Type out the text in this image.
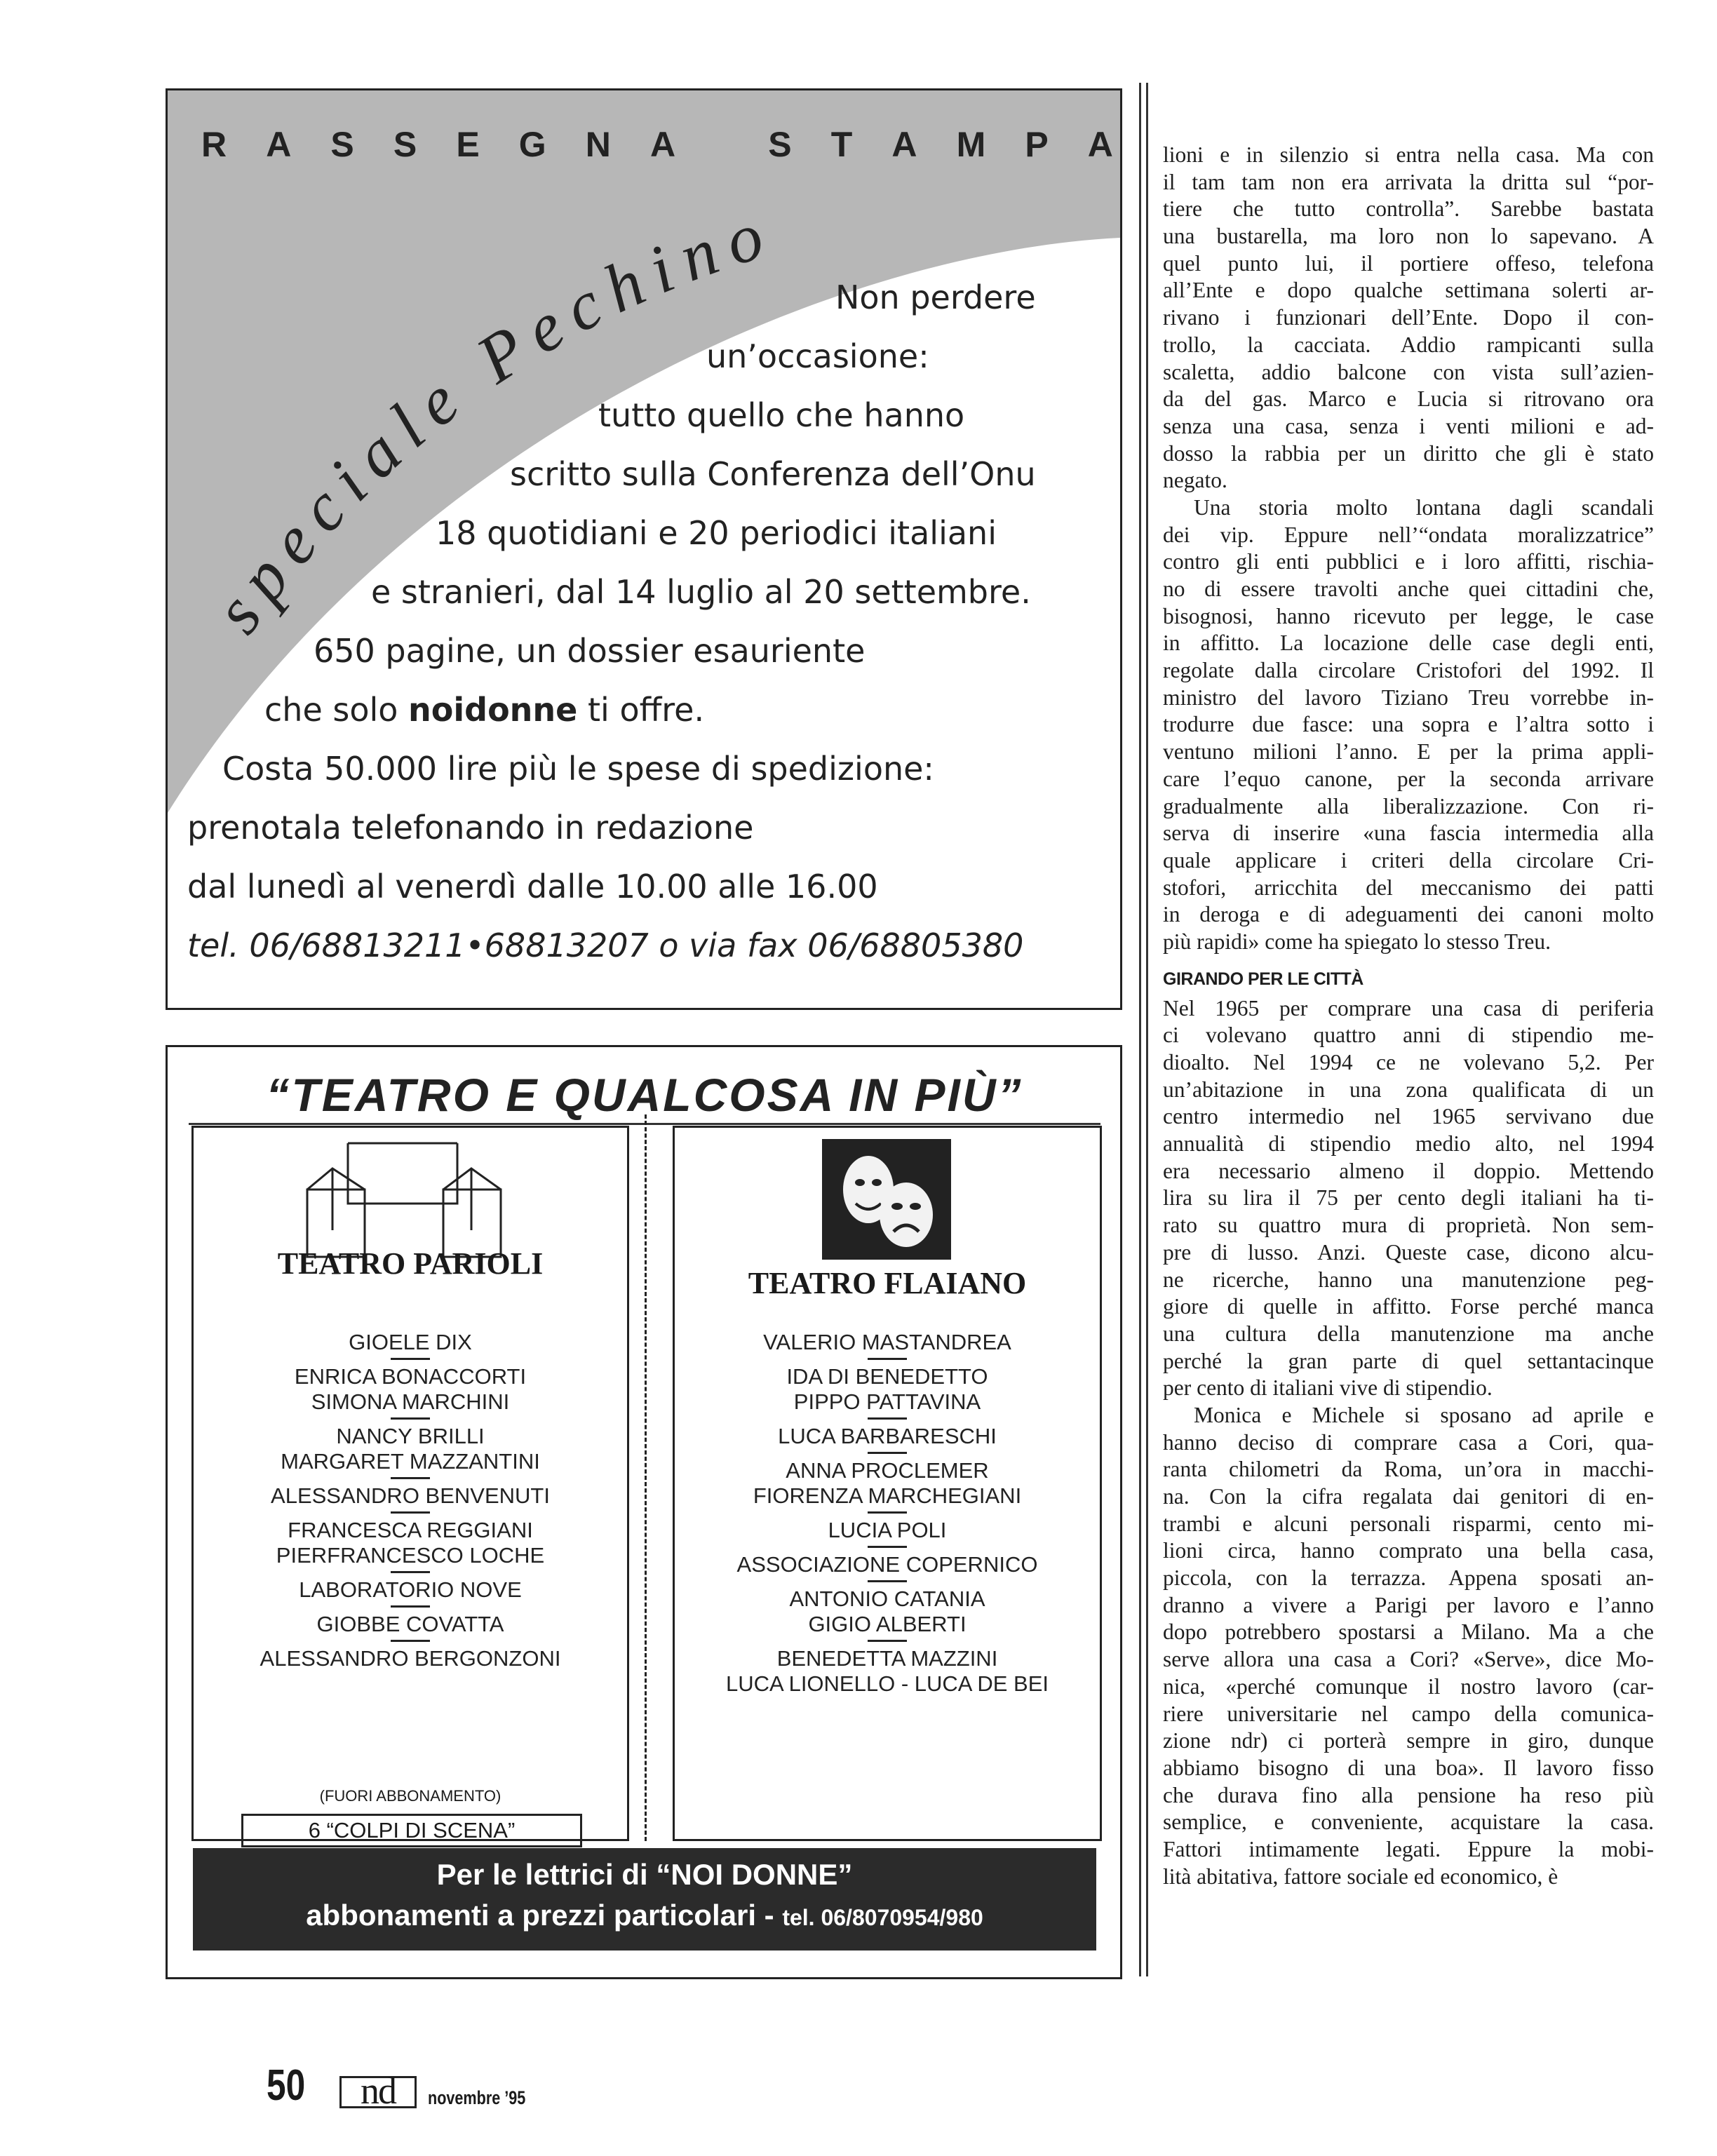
R A S S E G N A	S T A M P A
speciale Pechino
Non perdere
un’occasione:
tutto quello che hanno
scritto sulla Conferenza dell’Onu
18 quotidiani e 20 periodici italiani
e stranieri, dal 14 luglio al 20 settembre.
650 pagine, un dossier esauriente
che solo noidonne ti offre.
Costa 50.000 lire più le spese di spedizione:
prenotala telefonando in redazione
dal lunedì al venerdì dalle 10.00 alle 16.00
tel. 06/68813211•68813207 o via fax 06/68805380
“TEATRO E QUALCOSA IN PIÙ”
TEATRO PARIOLI
GIOELE DIX
ENRICA BONACCORTI
SIMONA MARCHINI
NANCY BRILLI
MARGARET MAZZANTINI
ALESSANDRO BENVENUTI
FRANCESCA REGGIANI
PIERFRANCESCO LOCHE
LABORATORIO NOVE
GIOBBE COVATTA
ALESSANDRO BERGONZONI
(FUORI ABBONAMENTO)
6 “COLPI DI SCENA”
TEATRO FLAIANO
VALERIO MASTANDREA
IDA DI BENEDETTO
PIPPO PATTAVINA
LUCA BARBARESCHI
ANNA PROCLEMER
FIORENZA MARCHEGIANI
LUCIA POLI
ASSOCIAZIONE COPERNICO
ANTONIO CATANIA
GIGIO ALBERTI
BENEDETTA MAZZINI
LUCA LIONELLO - LUCA DE BEI
Per le lettrici di “NOI DONNE”
abbonamenti a prezzi particolari - tel. 06/8070954/980
lioni e in silenzio si entra nella casa. Ma con
il tam tam non era arrivata la dritta sul “por-
tiere che tutto controlla”. Sarebbe bastata
una bustarella, ma loro non lo sapevano. A
quel punto lui, il portiere offeso, telefona
all’Ente e dopo qualche settimana solerti ar-
rivano i funzionari dell’Ente. Dopo il con-
trollo, la cacciata. Addio rampicanti sulla
scaletta, addio balcone con vista sull’azien-
da del gas. Marco e Lucia si ritrovano ora
senza una casa, senza i venti milioni e ad-
dosso la rabbia per un diritto che gli è stato
negato.
Una storia molto lontana dagli scandali
dei vip. Eppure nell’“ondata moralizzatrice”
contro gli enti pubblici e i loro affitti, rischia-
no di essere travolti anche quei cittadini che,
bisognosi, hanno ricevuto per legge, le case
in affitto. La locazione delle case degli enti,
regolate dalla circolare Cristofori del 1992. Il
ministro del lavoro Tiziano Treu vorrebbe in-
trodurre due fasce: una sopra e l’altra sotto i
ventuno milioni l’anno. E per la prima appli-
care l’equo canone, per la seconda arrivare
gradualmente alla liberalizzazione. Con ri-
serva di inserire «una fascia intermedia alla
quale applicare i criteri della circolare Cri-
stofori, arricchita del meccanismo dei patti
in deroga e di adeguamenti dei canoni molto
più rapidi» come ha spiegato lo stesso Treu.
GIRANDO PER LE CITTÀ
Nel 1965 per comprare una casa di periferia
ci volevano quattro anni di stipendio me-
dioalto. Nel 1994 ce ne volevano 5,2. Per
un’abitazione in una zona qualificata di un
centro intermedio nel 1965 servivano due
annualità di stipendio medio alto, nel 1994
era necessario almeno il doppio. Mettendo
lira su lira il 75 per cento degli italiani ha ti-
rato su quattro mura di proprietà. Non sem-
pre di lusso. Anzi. Queste case, dicono alcu-
ne ricerche, hanno una manutenzione peg-
giore di quelle in affitto. Forse perché manca
una cultura della manutenzione ma anche
perché la gran parte di quel settantacinque
per cento di italiani vive di stipendio.
Monica e Michele si sposano ad aprile e
hanno deciso di comprare casa a Cori, qua-
ranta chilometri da Roma, un’ora in macchi-
na. Con la cifra regalata dai genitori di en-
trambi e alcuni personali risparmi, cento mi-
lioni circa, hanno comprato una bella casa,
piccola, con la terrazza. Appena sposati an-
dranno a vivere a Parigi per lavoro e l’anno
dopo potrebbero spostarsi a Milano. Ma a che
serve allora una casa a Cori? «Serve», dice Mo-
nica, «perché comunque il nostro lavoro (car-
riere universitarie nel campo della comunica-
zione ndr) ci porterà sempre in giro, dunque
abbiamo bisogno di una boa». Il lavoro fisso
che durava fino alla pensione ha reso più
semplice, e conveniente, acquistare la casa.
Fattori intimamente legati. Eppure la mobi-
lità abitativa, fattore sociale ed economico, è
50	nd	novembre ’95
